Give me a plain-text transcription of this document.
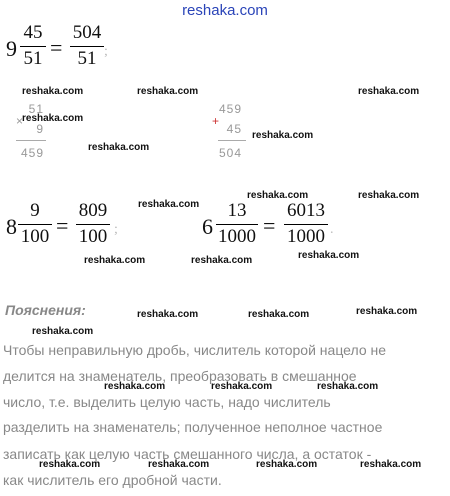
reshaka.com
9
45
51 =
504
51 ;
51
×
9
459
459
+
45
504
8
9
100 =
809
100 ;	6
13
1000 =
6013
1000 .
reshaka.com	reshaka.com	reshaka.com
reshaka.com
reshaka.com
reshaka.com
reshaka.com	reshaka.com
reshaka.com
reshaka.com	reshaka.com	reshaka.com
reshaka.com	reshaka.com	reshaka.com
reshaka.com
reshaka.com	reshaka.com	reshaka.com
reshaka.com	reshaka.com	reshaka.com	reshaka.com
Пояснения:
Чтобы неправильную дробь, числитель которой нацело не
делится на знаменатель, преобразовать в смешанное
число, т.е. выделить целую часть, надо числитель
разделить на знаменатель; полученное неполное частное
записать как целую часть смешанного числа, а остаток -
как числитель его дробной части.
